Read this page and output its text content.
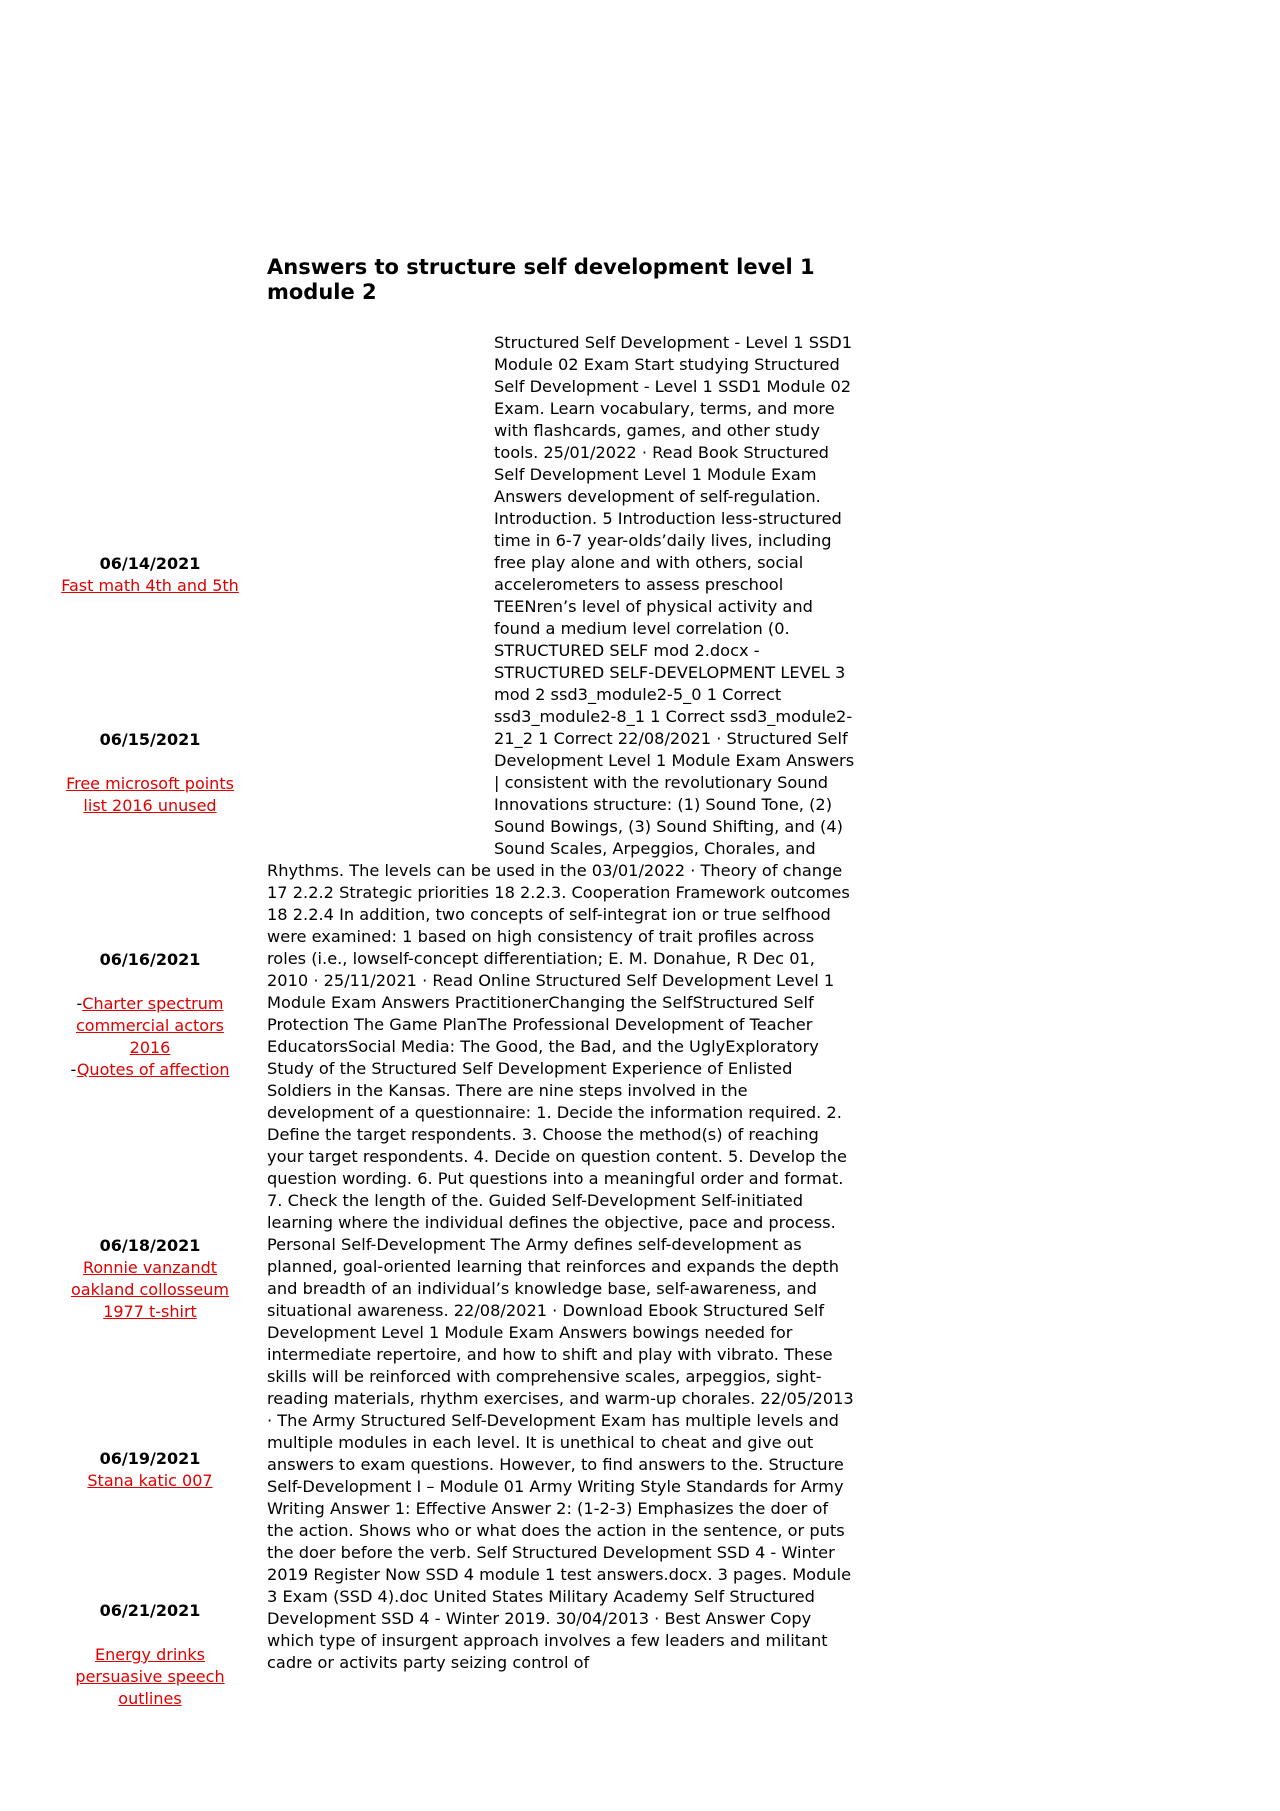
Answers to structure self development level 1 module 2
06/14/2021
Fast math 4th and 5th
06/15/2021
Free microsoft points list 2016 unused
06/16/2021
-Charter spectrum commercial actors 2016
-Quotes of affection
06/18/2021
Ronnie vanzandt oakland collosseum 1977 t-shirt
06/19/2021
Stana katic 007
06/21/2021
Energy drinks persuasive speech outlines
Structured Self Development - Level 1 SSD1 Module 02 Exam Start studying Structured Self Development - Level 1 SSD1 Module 02 Exam. Learn vocabulary, terms, and more with flashcards, games, and other study tools. 25/01/2022 · Read Book Structured Self Development Level 1 Module Exam Answers development of self-regulation. Introduction. 5 Introduction less-structured time in 6-7 year-olds’daily lives, including free play alone and with others, social accelerometers to assess preschool TEENren’s level of physical activity and found a medium level correlation (0. STRUCTURED SELF mod 2.docx - STRUCTURED SELF-DEVELOPMENT LEVEL 3 mod 2 ssd3_module2-5_0 1 Correct ssd3_module2-8_1 1 Correct ssd3_module2-21_2 1 Correct 22/08/2021 · Structured Self Development Level 1 Module Exam Answers | consistent with the revolutionary Sound Innovations structure: (1) Sound Tone, (2) Sound Bowings, (3) Sound Shifting, and (4) Sound Scales, Arpeggios, Chorales, and Rhythms. The levels can be used in the 03/01/2022 · Theory of change 17 2.2.2 Strategic priorities 18 2.2.3. Cooperation Framework outcomes 18 2.2.4 In addition, two concepts of self-integrat ion or true selfhood were examined: 1 based on high consistency of trait profiles across roles (i.e., lowself-concept differentiation; E. M. Donahue, R Dec 01, 2010 · 25/11/2021 · Read Online Structured Self Development Level 1 Module Exam Answers PractitionerChanging the SelfStructured Self Protection The Game PlanThe Professional Development of Teacher EducatorsSocial Media: The Good, the Bad, and the UglyExploratory Study of the Structured Self Development Experience of Enlisted Soldiers in the Kansas. There are nine steps involved in the development of a questionnaire: 1. Decide the information required. 2. Define the target respondents. 3. Choose the method(s) of reaching your target respondents. 4. Decide on question content. 5. Develop the question wording. 6. Put questions into a meaningful order and format. 7. Check the length of the. Guided Self-Development Self-initiated learning where the individual defines the objective, pace and process. Personal Self-Development The Army defines self-development as planned, goal-oriented learning that reinforces and expands the depth and breadth of an individual’s knowledge base, self-awareness, and situational awareness. 22/08/2021 · Download Ebook Structured Self Development Level 1 Module Exam Answers bowings needed for intermediate repertoire, and how to shift and play with vibrato. These skills will be reinforced with comprehensive scales, arpeggios, sight-reading materials, rhythm exercises, and warm-up chorales. 22/05/2013 · The Army Structured Self-Development Exam has multiple levels and multiple modules in each level. It is unethical to cheat and give out answers to exam questions. However, to find answers to the. Structure Self-Development I – Module 01 Army Writing Style Standards for Army Writing Answer 1: Effective Answer 2: (1-2-3) Emphasizes the doer of the action. Shows who or what does the action in the sentence, or puts the doer before the verb. Self Structured Development SSD 4 - Winter 2019 Register Now SSD 4 module 1 test answers.docx. 3 pages. Module 3 Exam (SSD 4).doc United States Military Academy Self Structured Development SSD 4 - Winter 2019. 30/04/2013 · Best Answer Copy which type of insurgent approach involves a few leaders and militant cadre or activits party seizing control of
